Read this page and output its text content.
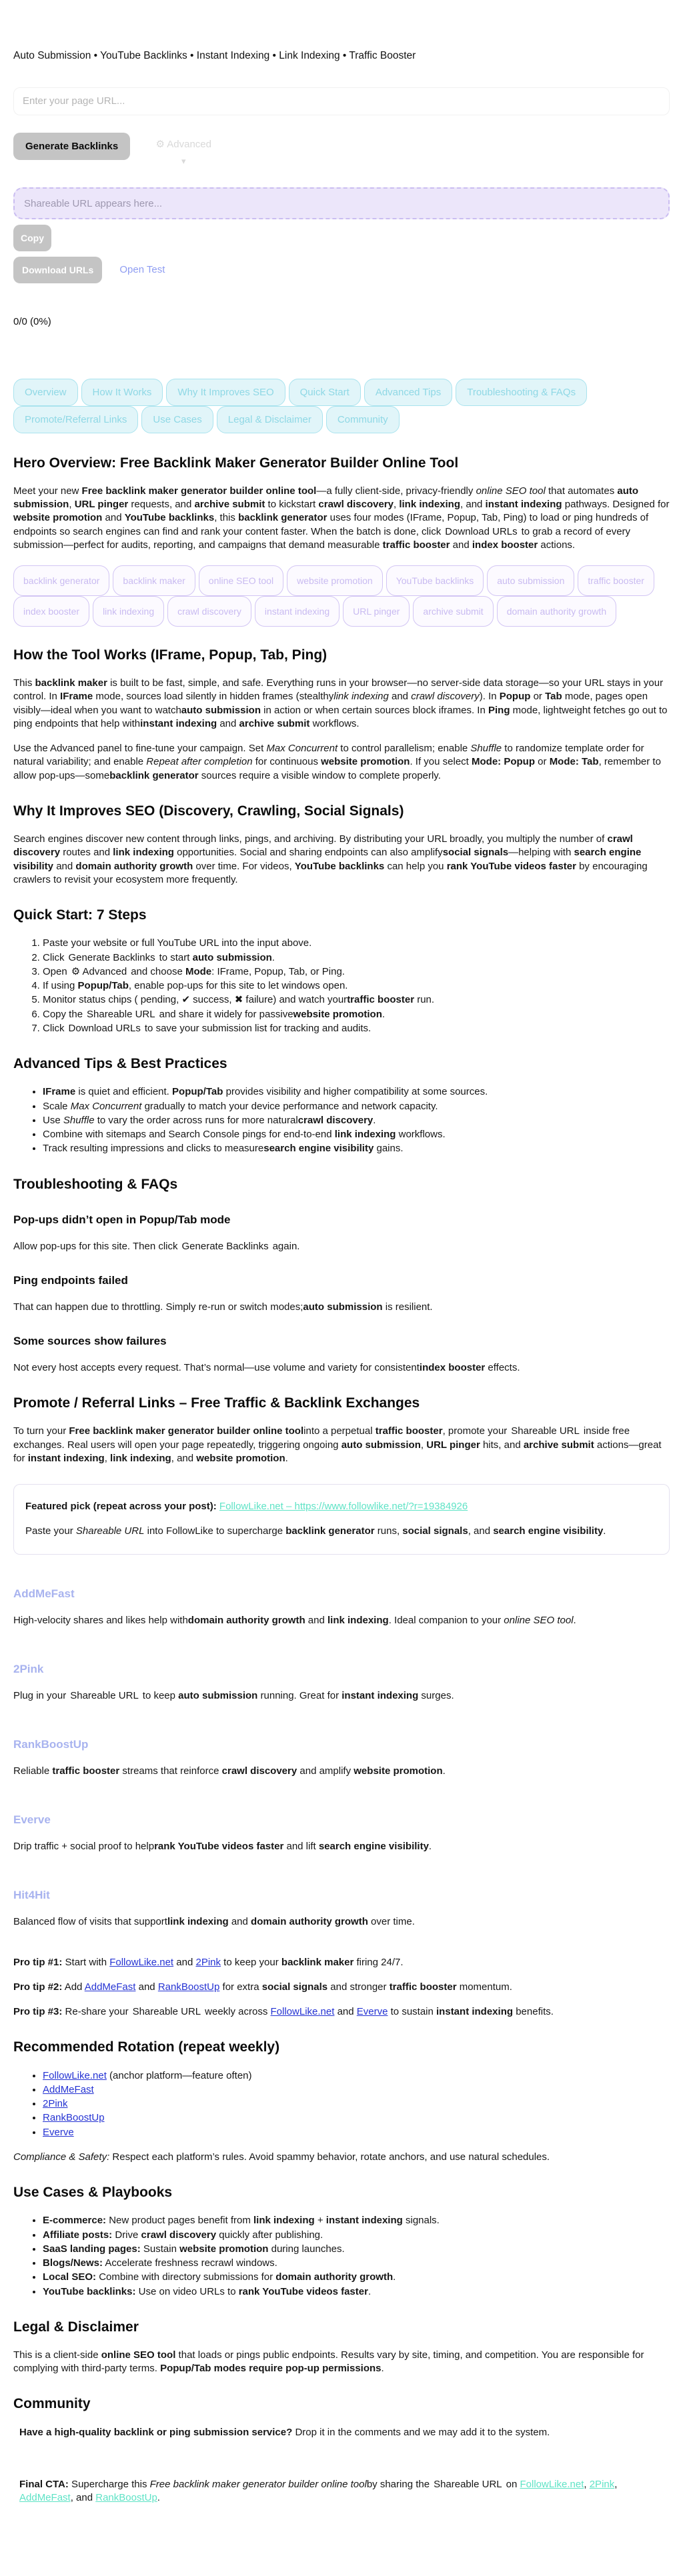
Auto Submission • YouTube Backlinks • Instant Indexing • Link Indexing • Traffic Booster
Enter your page URL...
Generate Backlinks	⚙ Advanced
▾
Shareable URL appears here... Copy
Download URLs	Open Test
0/0 (0%)
Overview	How It Works	Why It Improves SEO	Quick Start	Advanced Tips	Troubleshooting & FAQsPromote/Referral Links	Use Cases	Legal & Disclaimer	Community
Hero Overview: Free Backlink Maker Generator Builder Online Tool

Meet your new Free backlink maker generator builder online tool—a fully client-side, privacy-friendly online SEO tool that automates auto submission, URL pinger requests, and archive submit to kickstart crawl discovery, link indexing, and instant indexing pathways. Designed for website promotion and YouTube backlinks, this backlink generator uses four modes (IFrame, Popup, Tab, Ping) to load or ping hundreds of endpoints so search engines can find and rank your content faster. When the batch is done, click Download URLs to grab a record of every submission—perfect for audits, reporting, and campaigns that demand measurable traffic booster and index booster actions.

backlink generator	backlink maker	online SEO tool	website promotion	YouTube backlinks	auto submission	traffic boosterindex booster	link indexing	crawl discovery	instant indexing	URL pinger	archive submit	domain authority growth
How the Tool Works (IFrame, Popup, Tab, Ping)

This backlink maker is built to be fast, simple, and safe. Everything runs in your browser—no server-side data storage—so your URL stays in your control. In IFrame mode, sources load silently in hidden frames (stealthylink indexing and crawl discovery). In Popup or Tab mode, pages open visibly—ideal when you want to watchauto submission in action or when certain sources block iframes. In Ping mode, lightweight fetches go out to ping endpoints that help withinstant indexing and archive submit workflows.

Use the Advanced panel to fine-tune your campaign. Set Max Concurrent to control parallelism; enable Shuffle to randomize template order for natural variability; and enable Repeat after completion for continuous website promotion. If you select Mode: Popup or Mode: Tab, remember to allow pop-ups—somebacklink generator sources require a visible window to complete properly.

Why It Improves SEO (Discovery, Crawling, Social Signals)

Search engines discover new content through links, pings, and archiving. By distributing your URL broadly, you multiply the number of crawl discovery routes and link indexing opportunities. Social and sharing endpoints can also amplifysocial signals—helping with search engine visibility and domain authority growth over time. For videos, YouTube backlinks can help you rank YouTube videos faster by encouraging crawlers to revisit your ecosystem more frequently.

Quick Start: 7 Steps
1. Paste your website or full YouTube URL into the input above.
2. Click Generate Backlinks to start auto submission.
3. Open ⚙ Advanced and choose Mode: IFrame, Popup, Tab, or Ping.
4. If using Popup/Tab, enable pop-ups for this site to let windows open.
5. Monitor status chips ( pending, ✔ success, ✖ failure) and watch yourtraffic booster run.
6. Copy the Shareable URL and share it widely for passivewebsite promotion.
7. Click Download URLs to save your submission list for tracking and audits.
Advanced Tips & Best Practices
• IFrame is quiet and efficient. Popup/Tab provides visibility and higher compatibility at some sources.
• Scale Max Concurrent gradually to match your device performance and network capacity.
• Use Shuffle to vary the order across runs for more naturalcrawl discovery.
• Combine with sitemaps and Search Console pings for end-to-end link indexing workflows.
• Track resulting impressions and clicks to measuresearch engine visibility gains.
Troubleshooting & FAQs
Pop-ups didn’t open in Popup/Tab mode

Allow pop-ups for this site. Then click Generate Backlinks again.

Ping endpoints failed

That can happen due to throttling. Simply re-run or switch modes;auto submission is resilient.

Some sources show failures

Not every host accepts every request. That’s normal—use volume and variety for consistentindex booster effects.

Promote / Referral Links – Free Traffic & Backlink Exchanges

To turn your Free backlink maker generator builder online toolinto a perpetual traffic booster, promote your Shareable URL inside free exchanges. Real users will open your page repeatedly, triggering ongoing auto submission, URL pinger hits, and archive submit actions—great for instant indexing, link indexing, and website promotion.

Featured pick (repeat across your post): FollowLike.net – https://www.followlike.net/?r=19384926

Paste your Shareable URL into FollowLike to supercharge backlink generator runs, social signals, and search engine visibility.

AddMeFast

High-velocity shares and likes help withdomain authority growth and link indexing. Ideal companion to your online SEO tool.

2Pink

Plug in your Shareable URL to keep auto submission running. Great for instant indexing surges.

RankBoostUp

Reliable traffic booster streams that reinforce crawl discovery and amplify website promotion.

Everve

Drip traffic + social proof to helprank YouTube videos faster and lift search engine visibility.

Hit4Hit

Balanced flow of visits that supportlink indexing and domain authority growth over time.

Pro tip #1: Start with FollowLike.net and 2Pink to keep your backlink maker firing 24/7.

Pro tip #2: Add AddMeFast and RankBoostUp for extra social signals and stronger traffic booster momentum.

Pro tip #3: Re-share your Shareable URL weekly across FollowLike.net and Everve to sustain instant indexing benefits.

Recommended Rotation (repeat weekly)
• FollowLike.net (anchor platform—feature often)
• AddMeFast
• 2Pink
• RankBoostUp
• Everve

Compliance & Safety: Respect each platform’s rules. Avoid spammy behavior, rotate anchors, and use natural schedules.

Use Cases & Playbooks
• E-commerce: New product pages benefit from link indexing + instant indexing signals.
• Affiliate posts: Drive crawl discovery quickly after publishing.
• SaaS landing pages: Sustain website promotion during launches.
• Blogs/News: Accelerate freshness recrawl windows.
• Local SEO: Combine with directory submissions for domain authority growth.
• YouTube backlinks: Use on video URLs to rank YouTube videos faster.
Legal & Disclaimer

This is a client-side online SEO tool that loads or pings public endpoints. Results vary by site, timing, and competition. You are responsible for complying with third-party terms. Popup/Tab modes require pop-up permissions.

Community

Have a high-quality backlink or ping submission service? Drop it in the comments and we may add it to the system.

Final CTA: Supercharge this Free backlink maker generator builder online toolby sharing the Shareable URL on FollowLike.net, 2Pink, AddMeFast, and RankBoostUp.
